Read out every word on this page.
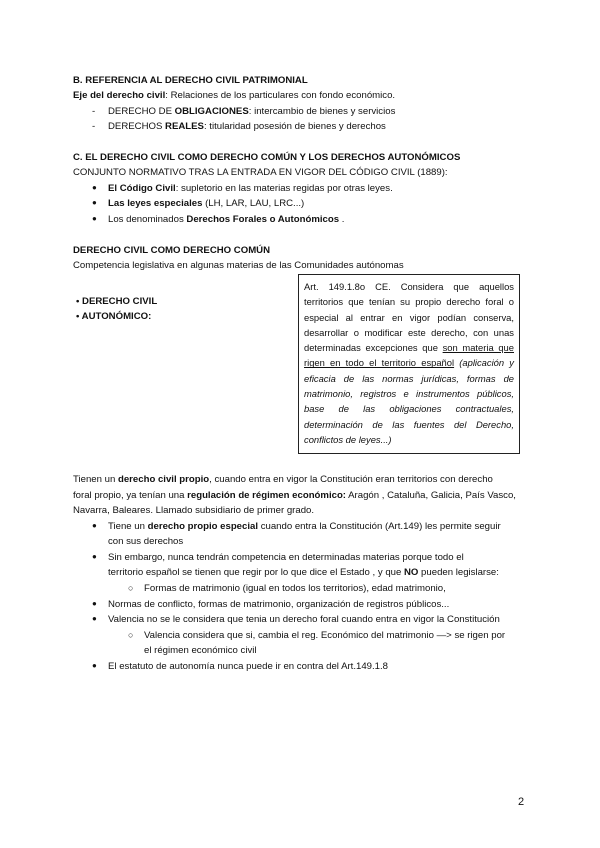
B. REFERENCIA AL DERECHO CIVIL PATRIMONIAL
Eje del derecho civil: Relaciones de los particulares con fondo económico.
- DERECHO DE OBLIGACIONES: intercambio de bienes y servicios
- DERECHOS REALES: titularidad posesión de bienes y derechos
C. EL DERECHO CIVIL COMO DERECHO COMÚN Y LOS DERECHOS AUTONÓMICOS
CONJUNTO NORMATIVO TRAS LA ENTRADA EN VIGOR DEL CÓDIGO CIVIL (1889):
● El Código Civil: supletorio en las materias regidas por otras leyes.
● Las leyes especiales (LH, LAR, LAU, LRC...)
● Los denominados Derechos Forales o Autonómicos .
DERECHO CIVIL COMO DERECHO COMÚN
Competencia legislativa en algunas materias de las Comunidades autónomas
• DERECHO CIVIL
• AUTONÓMICO:

Art. 149.1.8o CE. Considera que aquellos territorios que tenían su propio derecho foral o especial al entrar en vigor podían conserva, desarrollar o modificar este derecho, con unas determinadas excepciones que son materia que rigen en todo el territorio español (aplicación y eficacia de las normas jurídicas, formas de matrimonio, registros e instrumentos públicos, base de las obligaciones contractuales, determinación de las fuentes del Derecho, conflictos de leyes...)

Tienen un derecho civil propio, cuando entra en vigor la Constitución eran territorios con derecho
foral propio, ya tenían una regulación de régimen económico: Aragón , Cataluña, Galicia, País Vasco,
Navarra, Baleares. Llamado subsidiario de primer grado.
● Tiene un derecho propio especial cuando entra la Constitución (Art.149) les permite seguir
con sus derechos
● Sin embargo, nunca tendrán competencia en determinadas materias porque todo el
territorio español se tienen que regir por lo que dice el Estado , y que NO pueden legislarse:
○ Formas de matrimonio (igual en todos los territorios), edad matrimonio,
● Normas de conflicto, formas de matrimonio, organización de registros públicos...
● Valencia no se le considera que tenia un derecho foral cuando entra en vigor la Constitución
○ Valencia considera que si, cambia el reg. Económico del matrimonio —> se rigen por
el régimen económico civil
● El estatuto de autonomía nunca puede ir en contra del Art.149.1.8
2
